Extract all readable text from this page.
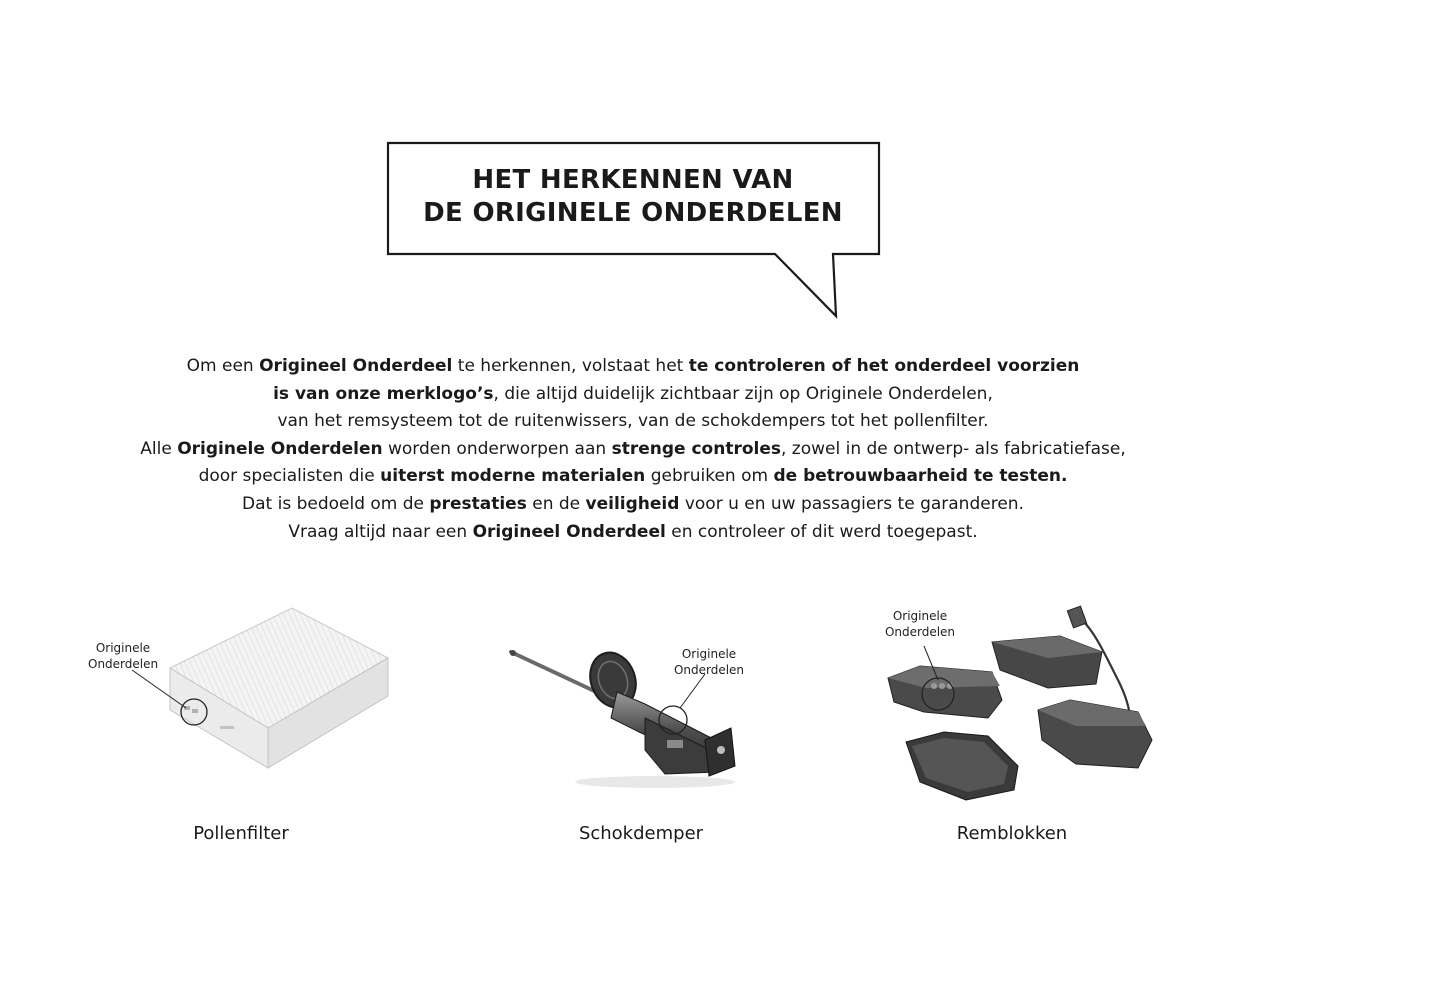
HET HERKENNEN VAN
DE ORIGINELE ONDERDELEN

Om een Origineel Onderdeel te herkennen, volstaat het te controleren of het onderdeel voorzien

is van onze merklogo’s, die altijd duidelijk zichtbaar zijn op Originele Onderdelen,

van het remsysteem tot de ruitenwissers, van de schokdempers tot het pollenfilter.

Alle Originele Onderdelen worden onderworpen aan strenge controles, zowel in de ontwerp- als fabricatiefase,

door specialisten die uiterst moderne materialen gebruiken om de betrouwbaarheid te testen.

Dat is bedoeld om de prestaties en de veiligheid voor u en uw passagiers te garanderen.

Vraag altijd naar een Origineel Onderdeel en controleer of dit werd toegepast.

Originele
Onderdelen
Pollenfilter
Originele
Onderdelen
Schokdemper
Originele
Onderdelen
Remblokken
